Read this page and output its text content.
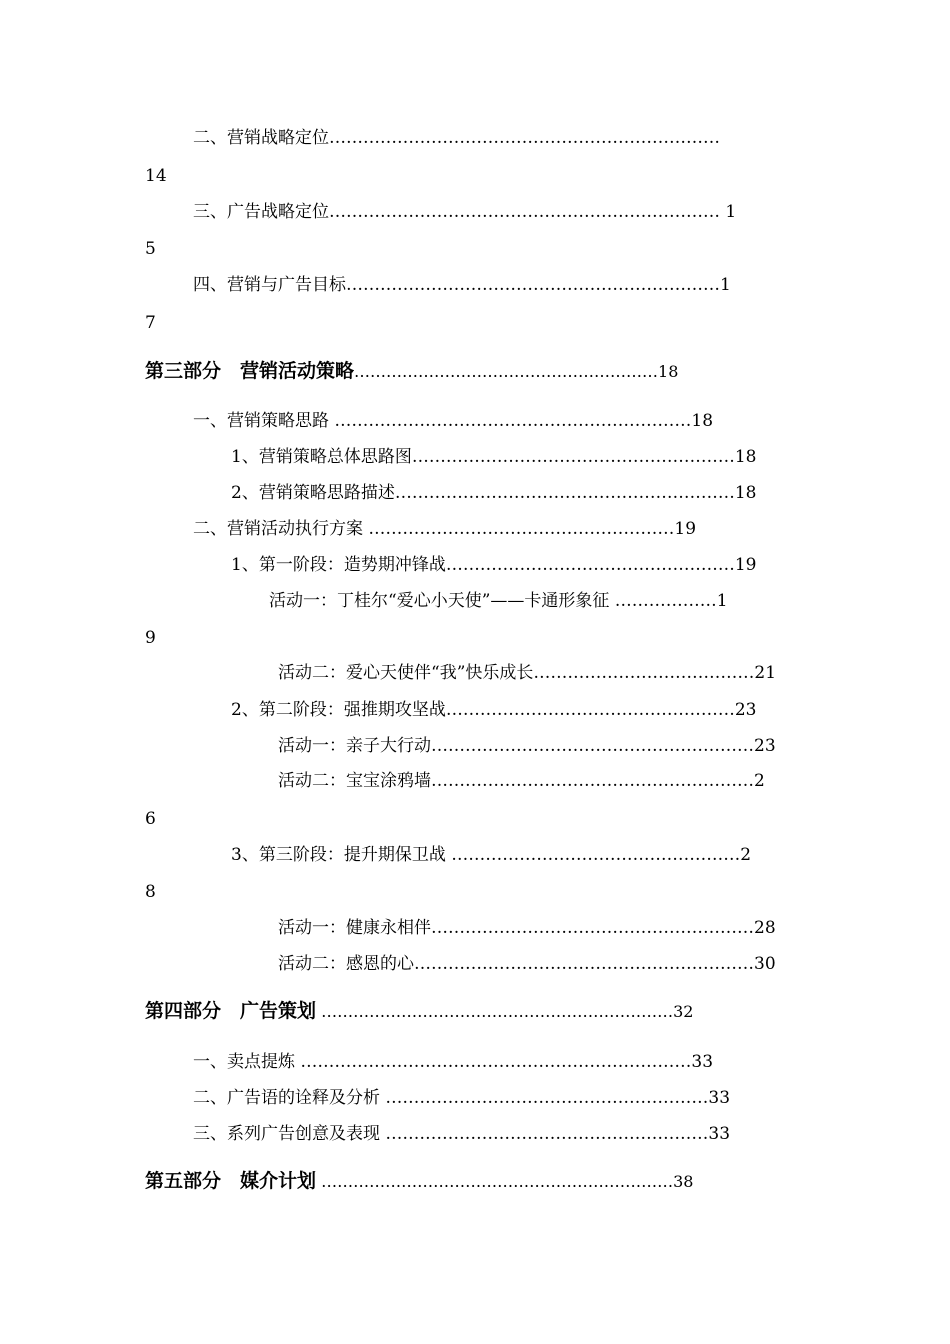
二、营销战略定位……………………………………………………………
14
三、广告战略定位…………………………………………………………… 1
5
四、营销与广告目标…………………………………………………………1
7
第三部分　营销活动策略…………………………………………………18
一、营销策略思路 ………………………………………………………18
1、营销策略总体思路图…………………………………………………18
2、营销策略思路描述……………………………………………………18
二、营销活动执行方案 ………………………………………………19
1、第一阶段：造势期冲锋战……………………………………………19
活动一：丁桂尔“爱心小天使”——卡通形象征 ………………1
9
活动二：爱心天使伴“我”快乐成长…………………………………21
2、第二阶段：强推期攻坚战……………………………………………23
活动一：亲子大行动…………………………………………………23
活动二：宝宝涂鸦墙…………………………………………………2
6
3、第三阶段：提升期保卫战 ……………………………………………2
8
活动一：健康永相伴…………………………………………………28
活动二：感恩的心……………………………………………………30
第四部分　广告策划 …………………………………………………………32
一、卖点提炼 ……………………………………………………………33
二、广告语的诠释及分析 …………………………………………………33
三、系列广告创意及表现 …………………………………………………33
第五部分　媒介计划 …………………………………………………………38
